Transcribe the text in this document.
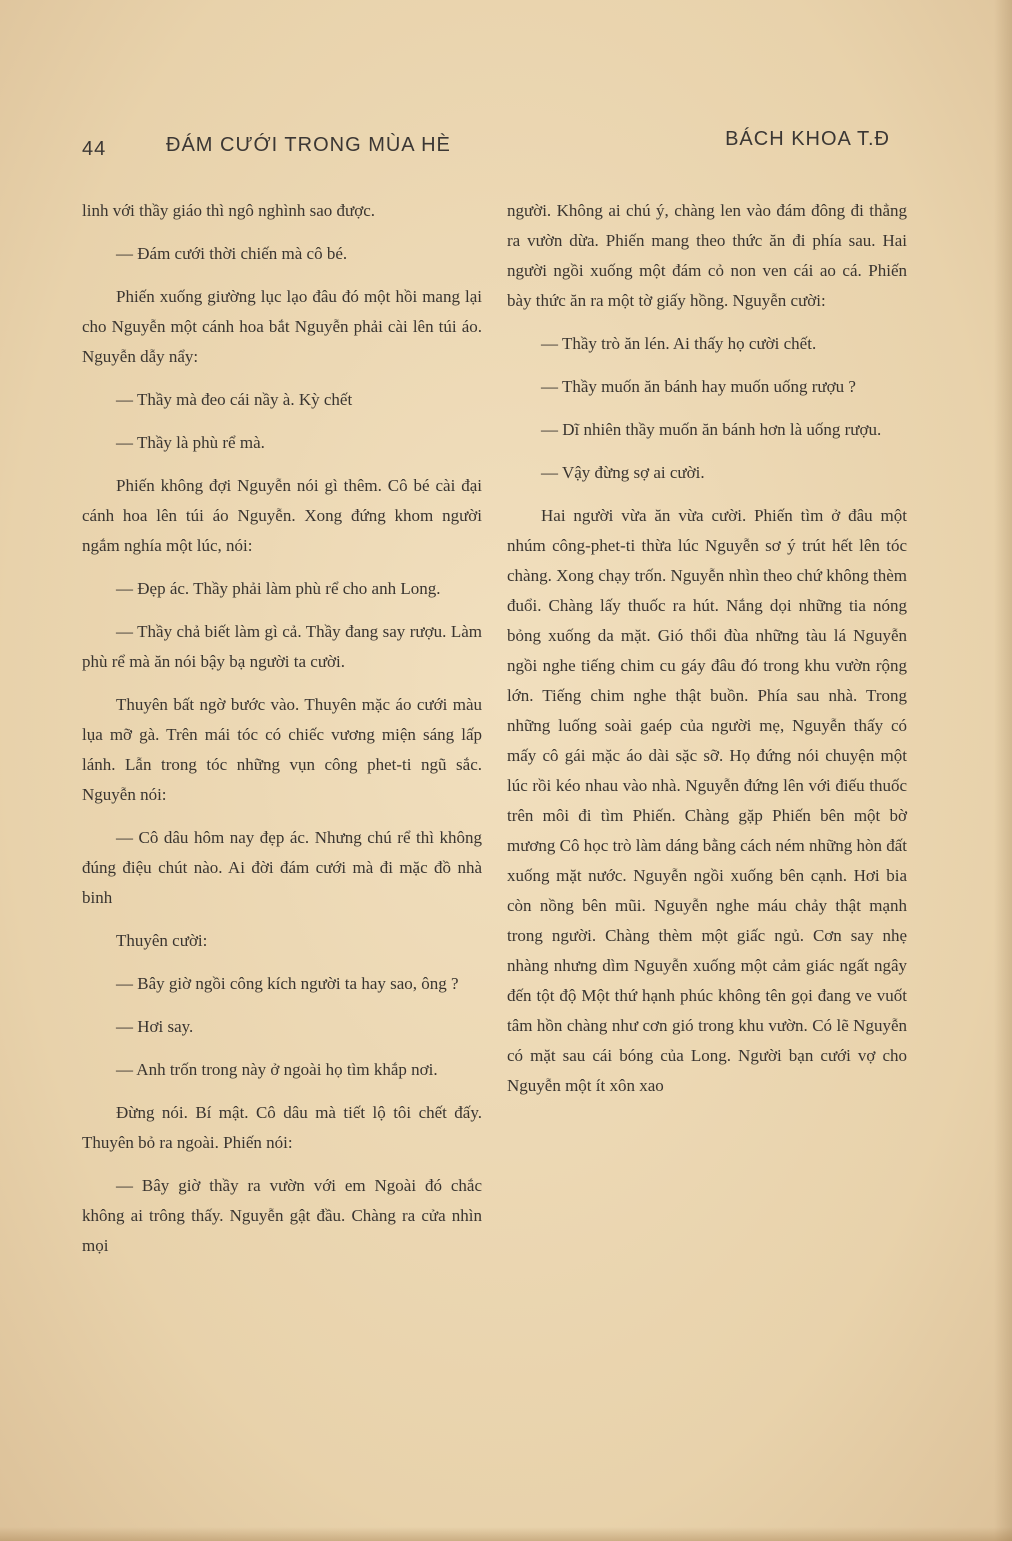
44	ĐÁM CƯỚI TRONG MÙA HÈ	BÁCH KHOA T.Đ

linh với thầy giáo thì ngô nghình sao được.

— Đám cưới thời chiến mà cô bé.

Phiến xuống giường lục lạo đâu đó một hồi mang lại cho Nguyễn một cánh hoa bắt Nguyễn phải cài lên túi áo. Nguyễn dẫy nẩy:

— Thầy mà đeo cái nầy à. Kỳ chết

— Thầy là phù rể mà.

Phiến không đợi Nguyễn nói gì thêm. Cô bé cài đại cánh hoa lên túi áo Nguyễn. Xong đứng khom người ngắm nghía một lúc, nói:

— Đẹp ác. Thầy phải làm phù rể cho anh Long.

— Thầy chả biết làm gì cả. Thầy đang say rượu. Làm phù rể mà ăn nói bậy bạ người ta cười.

Thuyên bất ngờ bước vào. Thuyên mặc áo cưới màu lụa mỡ gà. Trên mái tóc có chiếc vương miện sáng lấp lánh. Lẫn trong tóc những vụn công phet-ti ngũ sắc. Nguyễn nói:

— Cô dâu hôm nay đẹp ác. Nhưng chú rể thì không đúng điệu chút nào. Ai đời đám cưới mà đi mặc đồ nhà binh

Thuyên cười:

— Bây giờ ngồi công kích người ta hay sao, ông ?

— Hơi say.

— Anh trốn trong này ở ngoài họ tìm khắp nơi.

Đừng nói. Bí mật. Cô dâu mà tiết lộ tôi chết đấy. Thuyên bỏ ra ngoài. Phiến nói:

— Bây giờ thầy ra vườn với em Ngoài đó chắc không ai trông thấy. Nguyễn gật đầu. Chàng ra cửa nhìn mọi

người. Không ai chú ý, chàng len vào đám đông đi thẳng ra vườn dừa. Phiến mang theo thức ăn đi phía sau. Hai người ngồi xuống một đám cỏ non ven cái ao cá. Phiến bày thức ăn ra một tờ giấy hồng. Nguyễn cười:

— Thầy trò ăn lén. Ai thấy họ cười chết.

— Thầy muốn ăn bánh hay muốn uống rượu ?

— Dĩ nhiên thầy muốn ăn bánh hơn là uống rượu.

— Vậy đừng sợ ai cười.

Hai người vừa ăn vừa cười. Phiến tìm ở đâu một nhúm công-phet-ti thừa lúc Nguyễn sơ ý trút hết lên tóc chàng. Xong chạy trốn. Nguyễn nhìn theo chứ không thèm đuổi. Chàng lấy thuốc ra hút. Nắng dọi những tia nóng bỏng xuống da mặt. Gió thổi đùa những tàu lá Nguyễn ngồi nghe tiếng chim cu gáy đâu đó trong khu vườn rộng lớn. Tiếng chim nghe thật buồn. Phía sau nhà. Trong những luống soài gaép của người mẹ, Nguyễn thấy có mấy cô gái mặc áo dài sặc sỡ. Họ đứng nói chuyện một lúc rồi kéo nhau vào nhà. Nguyễn đứng lên với điếu thuốc trên môi đi tìm Phiến. Chàng gặp Phiến bên một bờ mương Cô học trò làm dáng bằng cách ném những hòn đất xuống mặt nước. Nguyễn ngồi xuống bên cạnh. Hơi bia còn nồng bên mũi. Nguyễn nghe máu chảy thật mạnh trong người. Chàng thèm một giấc ngủ. Cơn say nhẹ nhàng nhưng dìm Nguyễn xuống một cảm giác ngất ngây đến tột độ Một thứ hạnh phúc không tên gọi đang ve vuốt tâm hồn chàng như cơn gió trong khu vườn. Có lẽ Nguyễn có mặt sau cái bóng của Long. Người bạn cưới vợ cho Nguyễn một ít xôn xao
